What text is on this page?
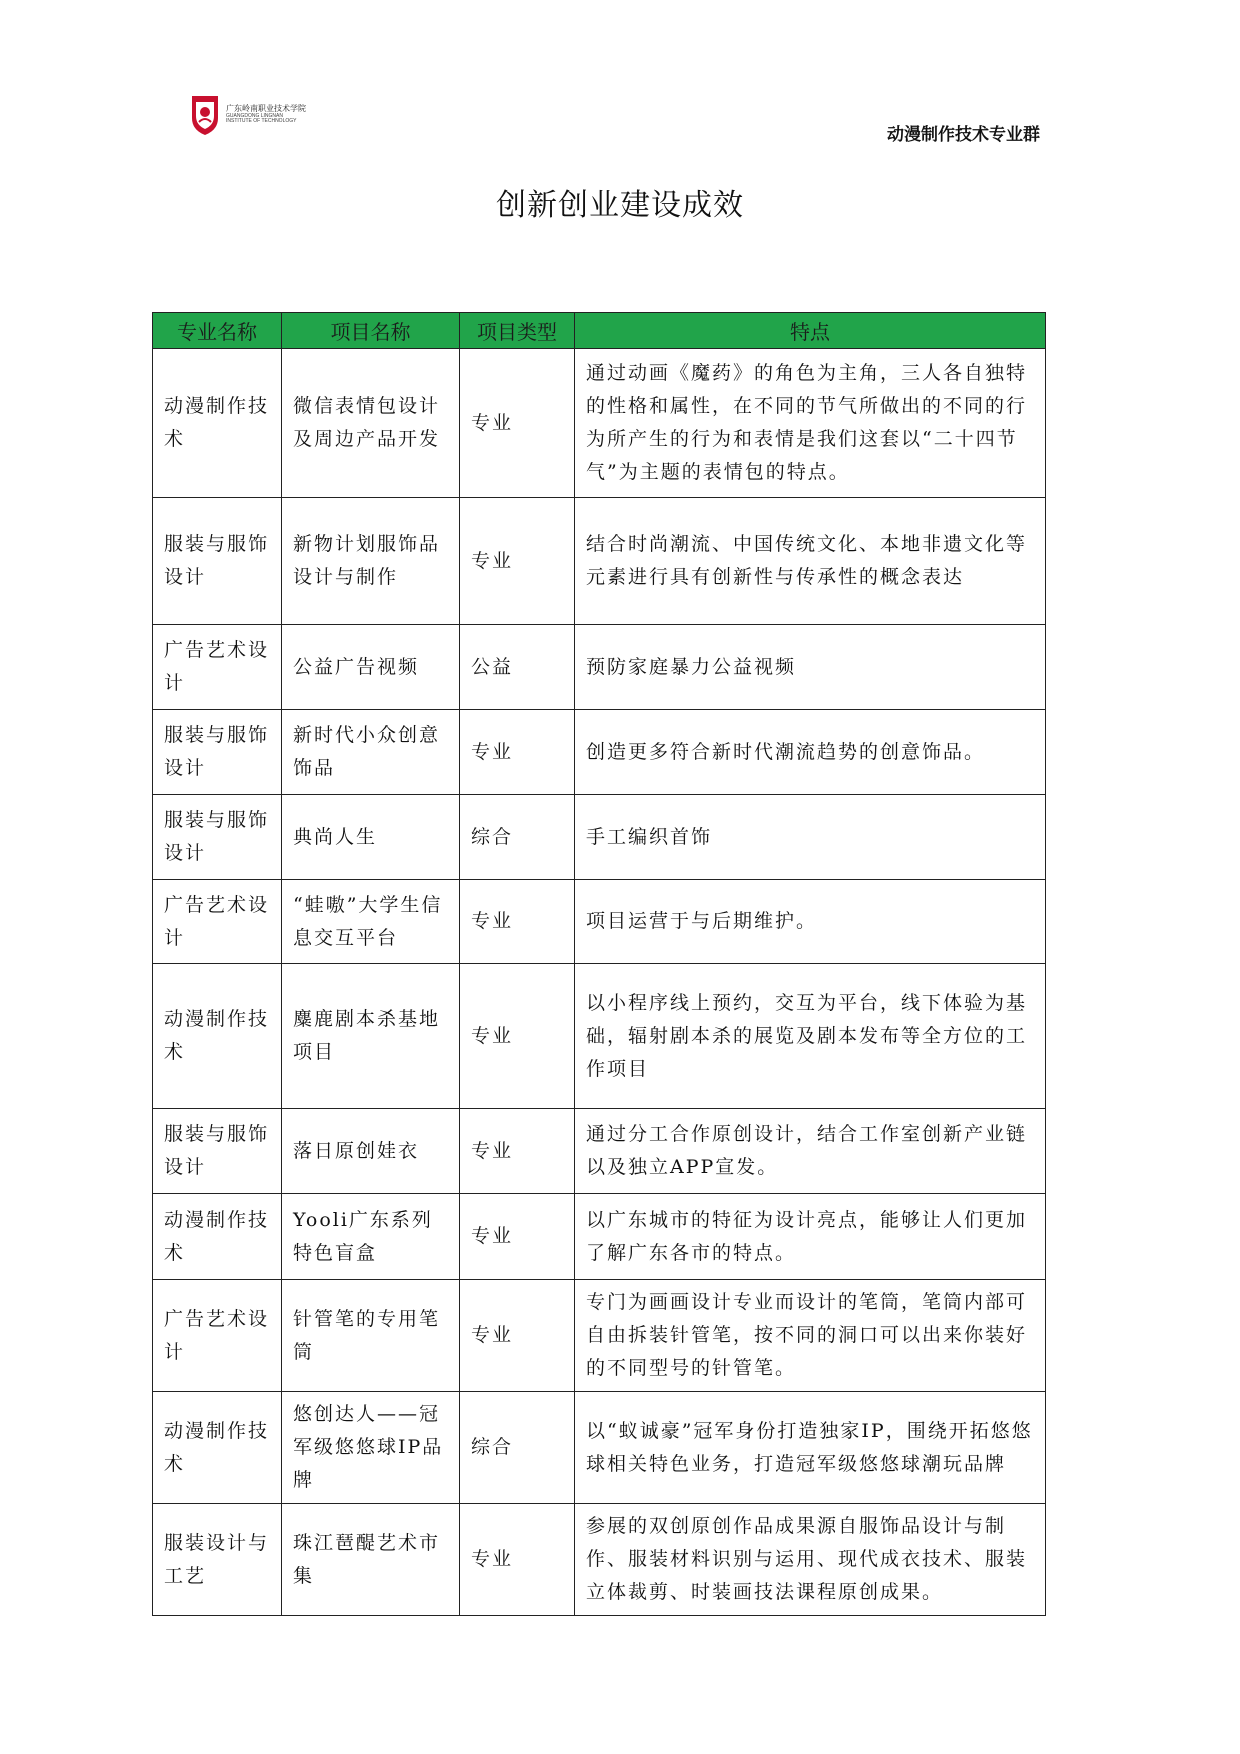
广东岭南职业技术学院
GUANGDONG LINGNAN
INSTITUTE OF TECHNOLOGY
动漫制作技术专业群
创新创业建设成效
专业名称	项目名称	项目类型	特点
动漫制作技术	微信表情包设计及周边产品开发	专业	通过动画《魔药》的角色为主角，三人各自独特的性格和属性，在不同的节气所做出的不同的行为所产生的行为和表情是我们这套以“二十四节气”为主题的表情包的特点。
服装与服饰设计	新物计划服饰品设计与制作	专业	结合时尚潮流、中国传统文化、本地非遗文化等元素进行具有创新性与传承性的概念表达
广告艺术设计	公益广告视频	公益	预防家庭暴力公益视频
服装与服饰设计	新时代小众创意饰品	专业	创造更多符合新时代潮流趋势的创意饰品。
服装与服饰设计	典尚人生	综合	手工编织首饰
广告艺术设计	“蛙嗷”大学生信息交互平台	专业	项目运营于与后期维护。
动漫制作技术	麋鹿剧本杀基地项目	专业	以小程序线上预约，交互为平台，线下体验为基础，辐射剧本杀的展览及剧本发布等全方位的工作项目
服装与服饰设计	落日原创娃衣	专业	通过分工合作原创设计，结合工作室创新产业链以及独立APP宣发。
动漫制作技术	Yooli广东系列特色盲盒	专业	以广东城市的特征为设计亮点，能够让人们更加了解广东各市的特点。
广告艺术设计	针管笔的专用笔筒	专业	专门为画画设计专业而设计的笔筒，笔筒内部可自由拆装针管笔，按不同的洞口可以出来你装好的不同型号的针管笔。
动漫制作技术	悠创达人——冠军级悠悠球IP品牌	综合	以“蚁诚豪”冠军身份打造独家IP，围绕开拓悠悠球相关特色业务，打造冠军级悠悠球潮玩品牌
服装设计与工艺	珠江琶醍艺术市集	专业	参展的双创原创作品成果源自服饰品设计与制作、服装材料识别与运用、现代成衣技术、服装立体裁剪、时装画技法课程原创成果。
